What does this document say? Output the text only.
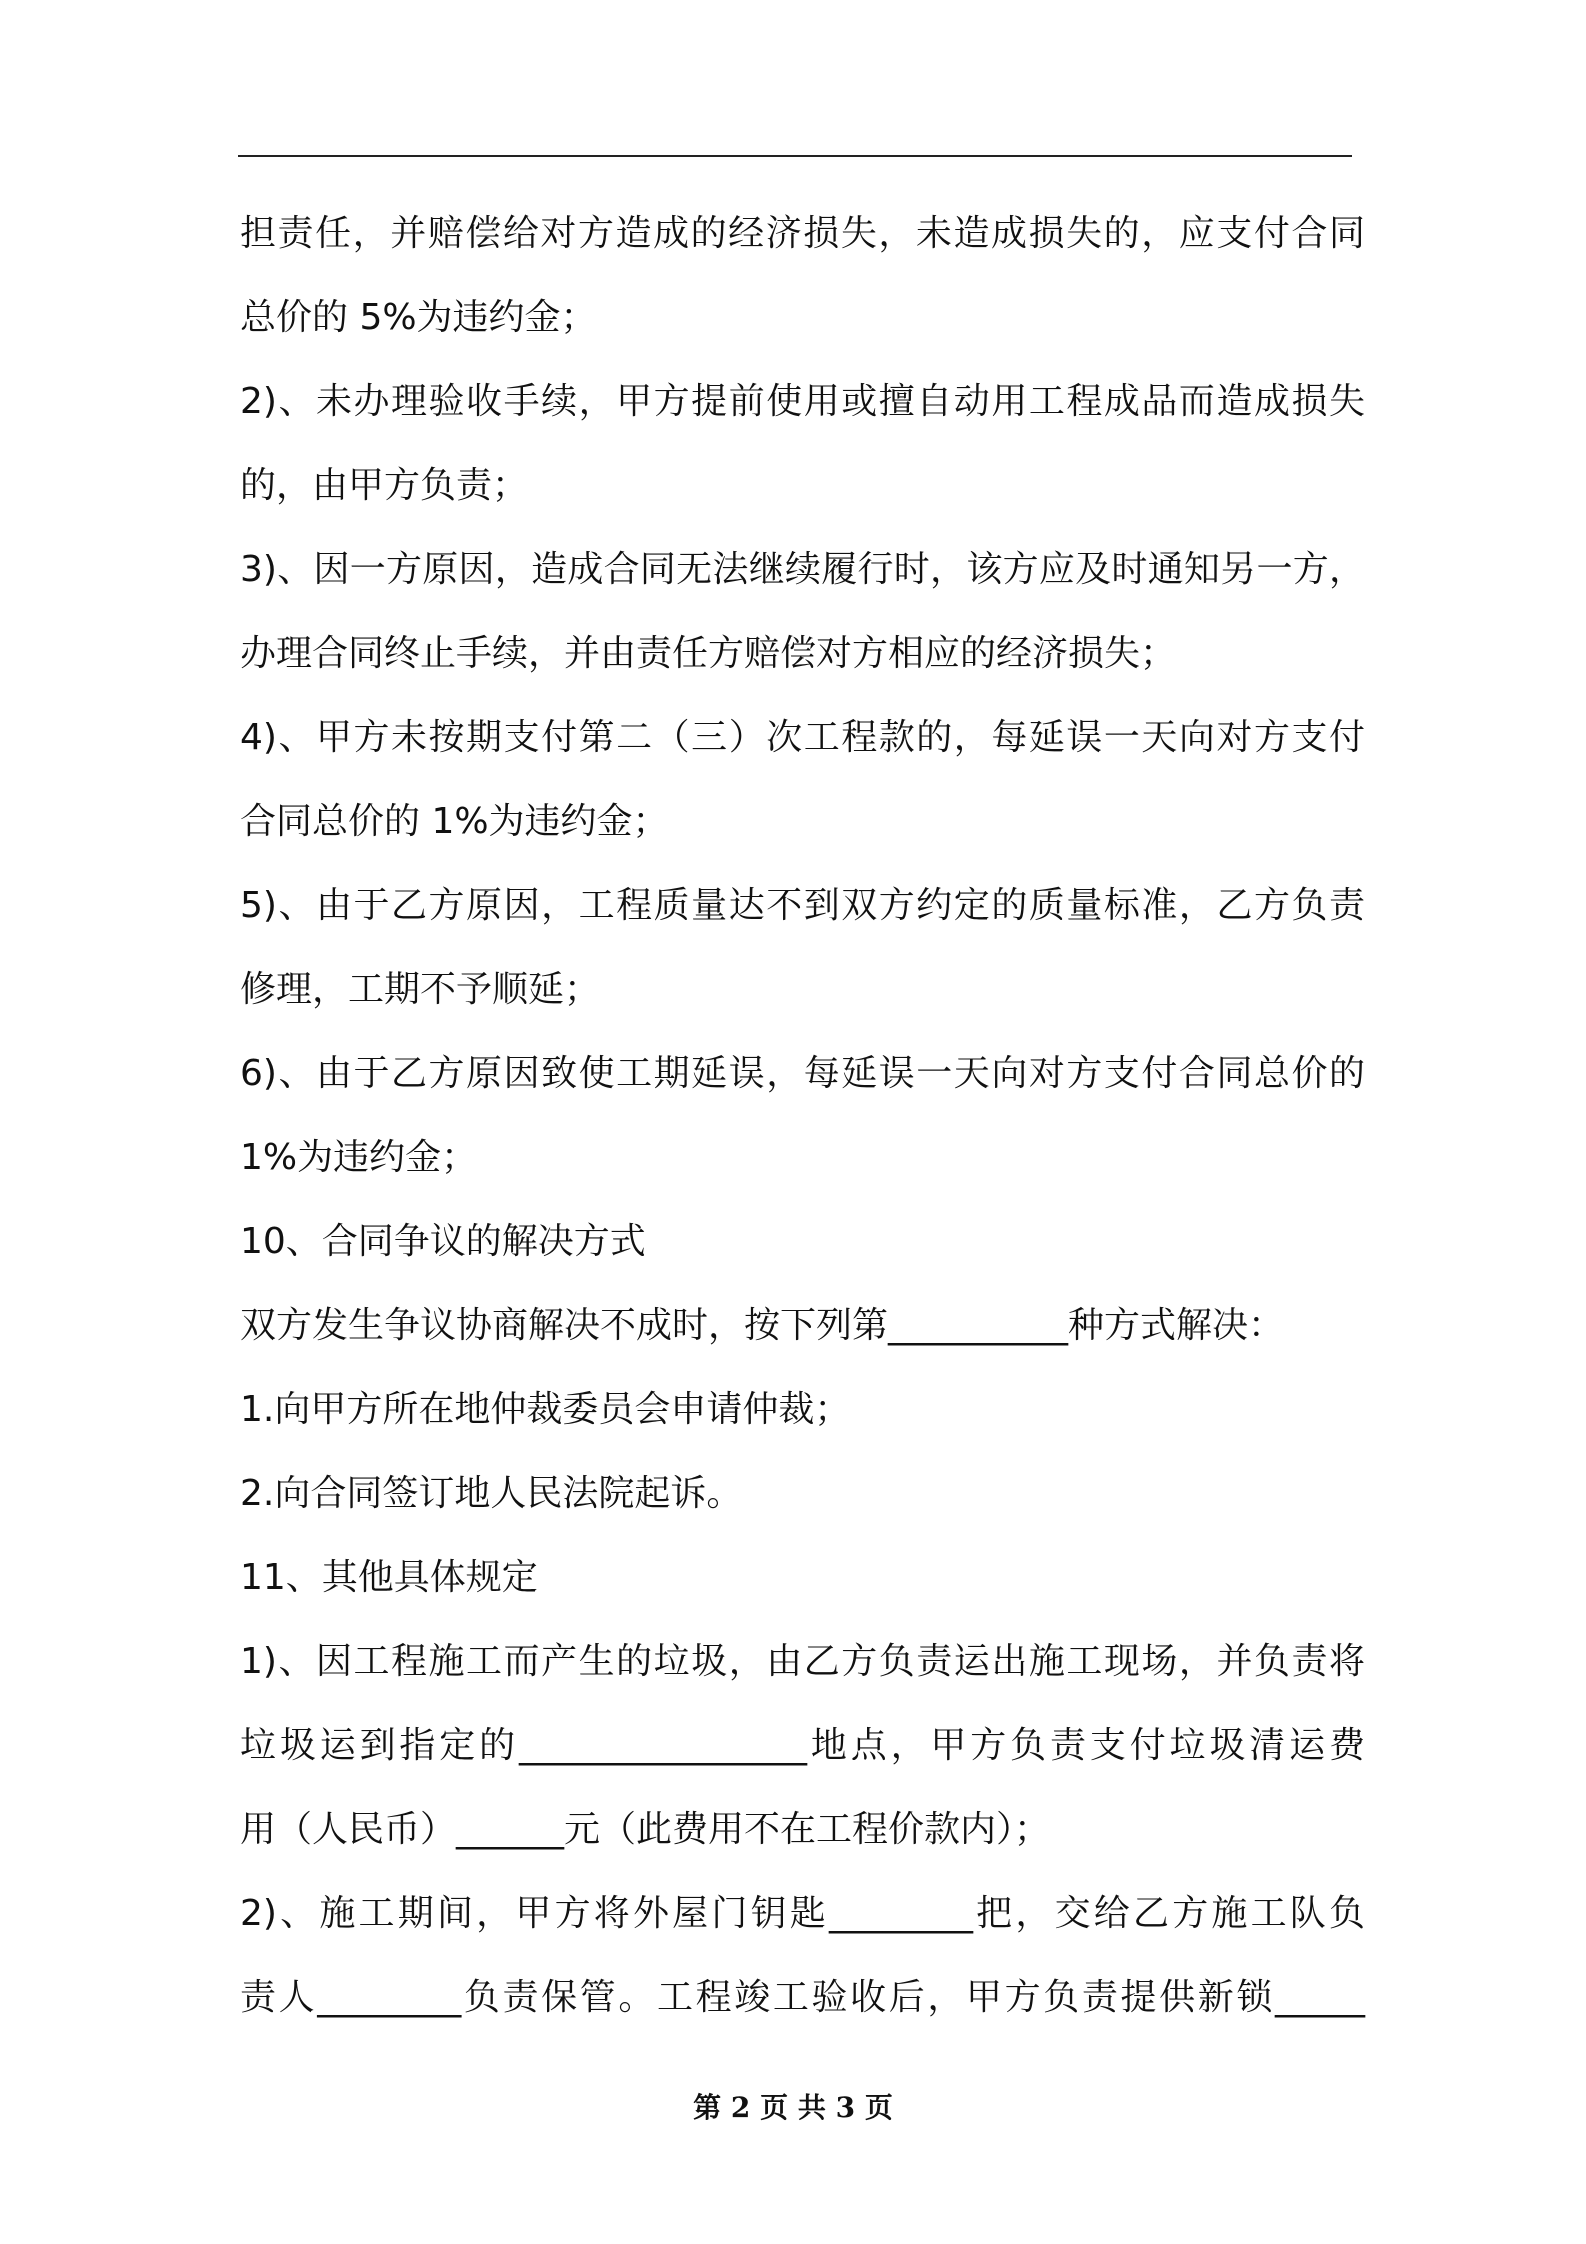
担责任，并赔偿给对方造成的经济损失，未造成损失的，应支付合同
总价的 5%为违约金；
2)、未办理验收手续，甲方提前使用或擅自动用工程成品而造成损失
的，由甲方负责；
3)、因一方原因，造成合同无法继续履行时，该方应及时通知另一方，
办理合同终止手续，并由责任方赔偿对方相应的经济损失；
4)、甲方未按期支付第二（三）次工程款的，每延误一天向对方支付
合同总价的 1%为违约金；
5)、由于乙方原因，工程质量达不到双方约定的质量标准，乙方负责
修理，工期不予顺延；
6)、由于乙方原因致使工期延误，每延误一天向对方支付合同总价的
1%为违约金；
10、合同争议的解决方式
双方发生争议协商解决不成时，按下列第__________种方式解决：
1.向甲方所在地仲裁委员会申请仲裁；
2.向合同签订地人民法院起诉。
11、其他具体规定
1)、因工程施工而产生的垃圾，由乙方负责运出施工现场，并负责将
垃圾运到指定的________________地点，甲方负责支付垃圾清运费
用（人民币）______元（此费用不在工程价款内）；
2)、施工期间，甲方将外屋门钥匙________把，交给乙方施工队负
责人________负责保管。工程竣工验收后，甲方负责提供新锁_____
第 2 页 共 3 页
